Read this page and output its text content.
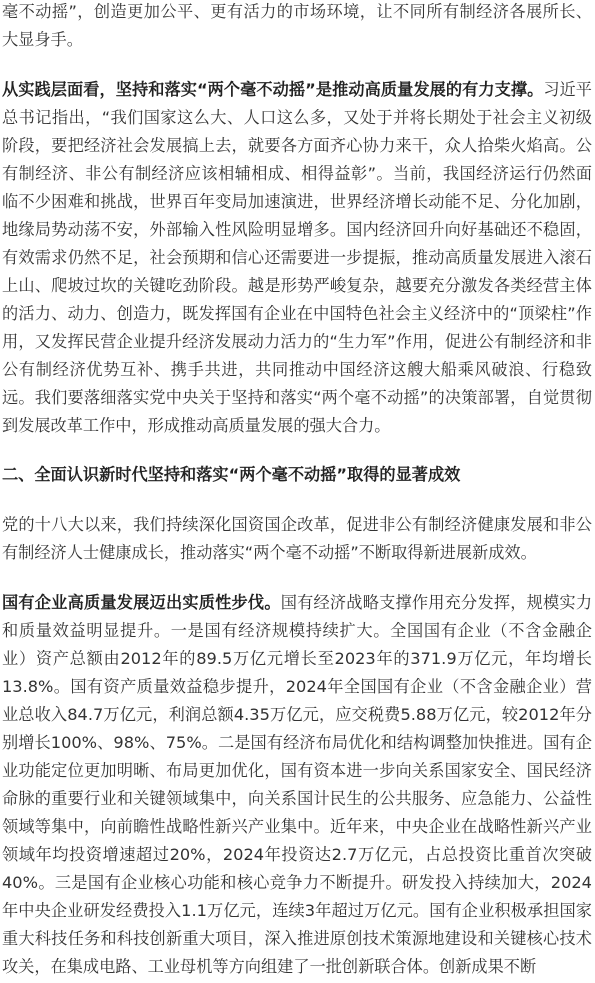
毫不动摇”，创造更加公平、更有活力的市场环境，让不同所有制经济各展所长、大显身手。

从实践层面看，坚持和落实“两个毫不动摇”是推动高质量发展的有力支撑。习近平总书记指出，“我们国家这么大、人口这么多，又处于并将长期处于社会主义初级阶段，要把经济社会发展搞上去，就要各方面齐心协力来干，众人拾柴火焰高。公有制经济、非公有制经济应该相辅相成、相得益彰”。当前，我国经济运行仍然面临不少困难和挑战，世界百年变局加速演进，世界经济增长动能不足、分化加剧，地缘局势动荡不安，外部输入性风险明显增多。国内经济回升向好基础还不稳固，有效需求仍然不足，社会预期和信心还需要进一步提振，推动高质量发展进入滚石上山、爬坡过坎的关键吃劲阶段。越是形势严峻复杂，越要充分激发各类经营主体的活力、动力、创造力，既发挥国有企业在中国特色社会主义经济中的“顶梁柱”作用，又发挥民营企业提升经济发展动力活力的“生力军”作用，促进公有制经济和非公有制经济优势互补、携手共进，共同推动中国经济这艘大船乘风破浪、行稳致远。我们要落细落实党中央关于坚持和落实“两个毫不动摇”的决策部署，自觉贯彻到发展改革工作中，形成推动高质量发展的强大合力。

二、全面认识新时代坚持和落实“两个毫不动摇”取得的显著成效

党的十八大以来，我们持续深化国资国企改革，促进非公有制经济健康发展和非公有制经济人士健康成长，推动落实“两个毫不动摇”不断取得新进展新成效。

国有企业高质量发展迈出实质性步伐。国有经济战略支撑作用充分发挥，规模实力和质量效益明显提升。一是国有经济规模持续扩大。全国国有企业（不含金融企业）资产总额由2012年的89.5万亿元增长至2023年的371.9万亿元，年均增长13.8%。国有资产质量效益稳步提升，2024年全国国有企业（不含金融企业）营业总收入84.7万亿元，利润总额4.35万亿元，应交税费5.88万亿元，较2012年分别增长100%、98%、75%。二是国有经济布局优化和结构调整加快推进。国有企业功能定位更加明晰、布局更加优化，国有资本进一步向关系国家安全、国民经济命脉的重要行业和关键领域集中，向关系国计民生的公共服务、应急能力、公益性领域等集中，向前瞻性战略性新兴产业集中。近年来，中央企业在战略性新兴产业领域年均投资增速超过20%，2024年投资达2.7万亿元，占总投资比重首次突破40%。三是国有企业核心功能和核心竞争力不断提升。研发投入持续加大，2024年中央企业研发经费投入1.1万亿元，连续3年超过万亿元。国有企业积极承担国家重大科技任务和科技创新重大项目，深入推进原创技术策源地建设和关键核心技术攻关，在集成电路、工业母机等方向组建了一批创新联合体。创新成果不断
